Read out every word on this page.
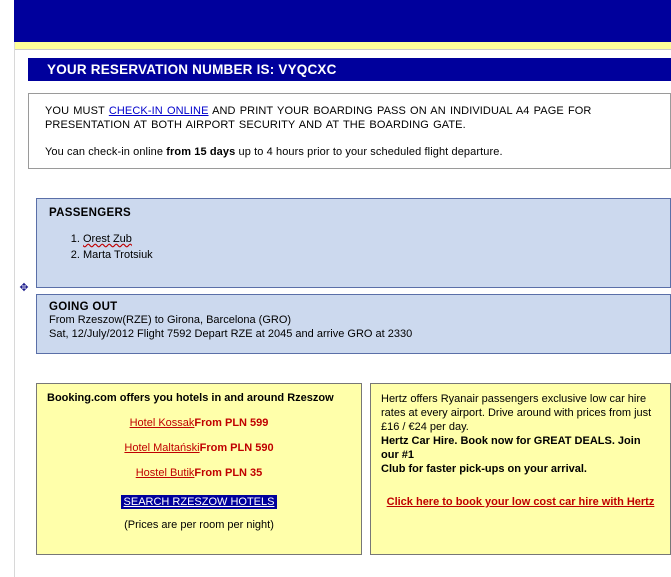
YOUR RESERVATION NUMBER IS: VYQCXC
YOU MUST CHECK-IN ONLINE AND PRINT YOUR BOARDING PASS ON AN INDIVIDUAL A4 PAGE FOR PRESENTATION AT BOTH AIRPORT SECURITY AND AT THE BOARDING GATE.
You can check-in online from 15 days up to 4 hours prior to your scheduled flight departure.
✥
PASSENGERS
1. Orest Zub
2. Marta Trotsiuk
GOING OUT
From Rzeszow(RZE) to Girona, Barcelona (GRO)
Sat, 12/July/2012 Flight 7592 Depart RZE at 2045 and arrive GRO at 2330
Booking.com offers you hotels in and around Rzeszow
Hotel KossakFrom PLN 599
Hotel MaltańskiFrom PLN 590
Hostel ButikFrom PLN 35
SEARCH RZESZOW HOTELS
(Prices are per room per night)
Hertz offers Ryanair passengers exclusive low car hire
rates at every airport. Drive around with prices from just
£16 / €24 per day.
Hertz Car Hire. Book now for GREAT DEALS. Join our #1
Club for faster pick-ups on your arrival.
Click here to book your low cost car hire with Hertz
